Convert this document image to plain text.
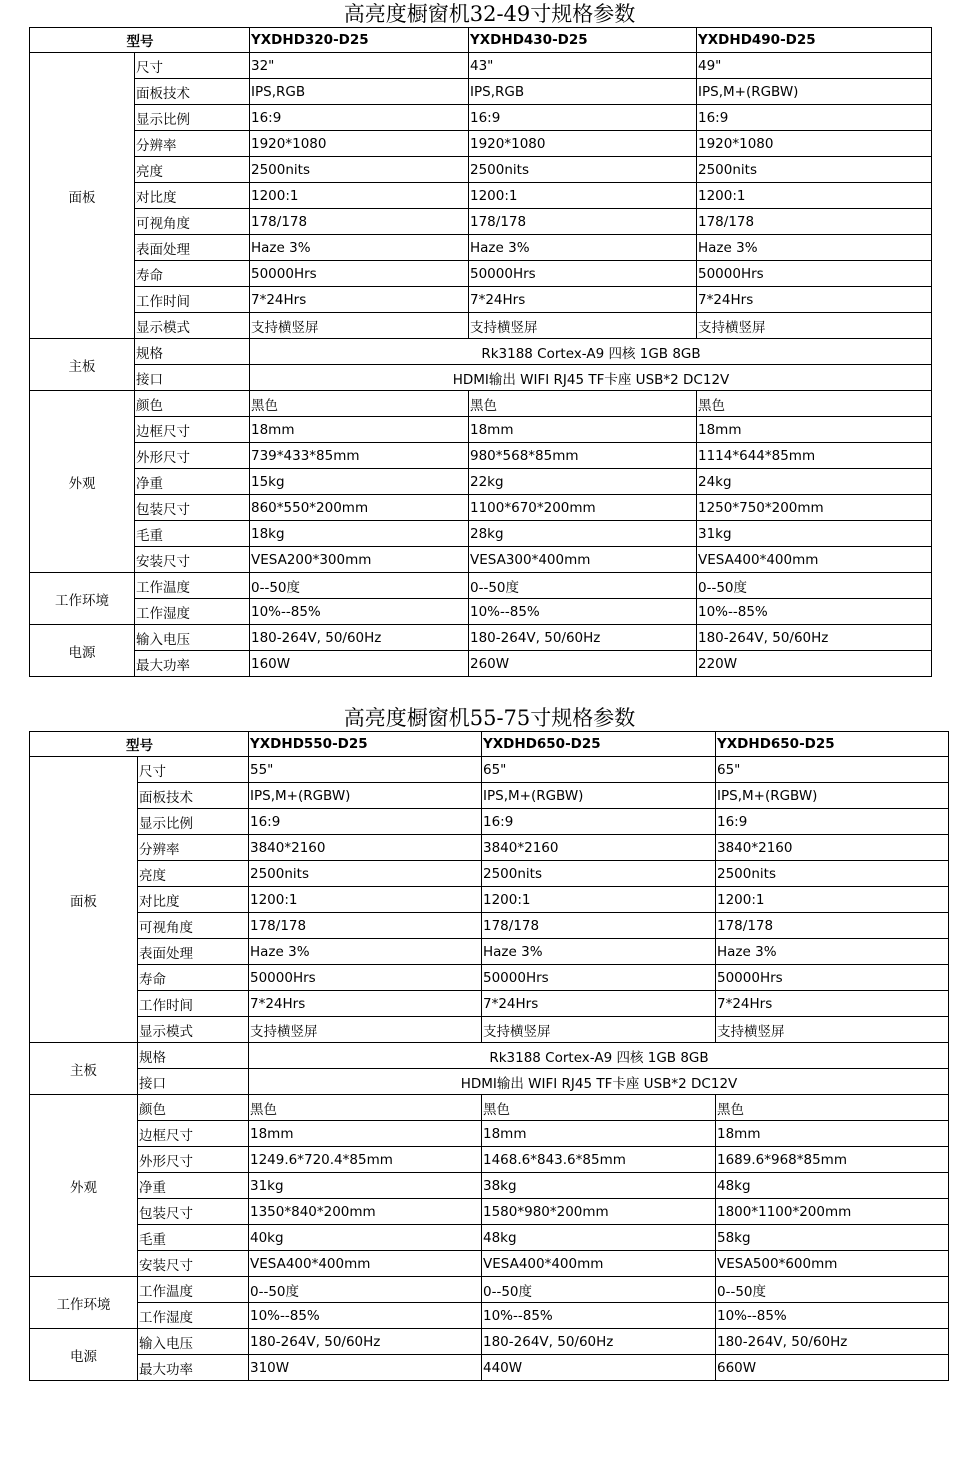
高亮度橱窗机32-49寸规格参数
型号		YXDHD320-D25	YXDHD430-D25	YXDHD490-D25
面板	尺寸	32"	43"	49"
	面板技术	IPS,RGB	IPS,RGB	IPS,M+(RGBW)
	显示比例	16:9	16:9	16:9
	分辨率	1920*1080	1920*1080	1920*1080
	亮度	2500nits	2500nits	2500nits
	对比度	1200:1	1200:1	1200:1
	可视角度	178/178	178/178	178/178
	表面处理	Haze 3%	Haze 3%	Haze 3%
	寿命	50000Hrs	50000Hrs	50000Hrs
	工作时间	7*24Hrs	7*24Hrs	7*24Hrs
	显示模式	支持横竖屏	支持横竖屏	支持横竖屏
主板	规格	Rk3188 Cortex-A9 四核 1GB 8GB		
	接口	HDMI输出 WIFI RJ45 TF卡座 USB*2 DC12V		
外观	颜色	黑色	黑色	黑色
	边框尺寸	18mm	18mm	18mm
	外形尺寸	739*433*85mm	980*568*85mm	1114*644*85mm
	净重	15kg	22kg	24kg
	包装尺寸	860*550*200mm	1100*670*200mm	1250*750*200mm
	毛重	18kg	28kg	31kg
	安装尺寸	VESA200*300mm	VESA300*400mm	VESA400*400mm
工作环境	工作温度	0--50度	0--50度	0--50度
	工作湿度	10%--85%	10%--85%	10%--85%
电源	输入电压	180-264V, 50/60Hz	180-264V, 50/60Hz	180-264V, 50/60Hz
	最大功率	160W	260W	220W
高亮度橱窗机55-75寸规格参数
型号		YXDHD550-D25	YXDHD650-D25	YXDHD650-D25
面板	尺寸	55"	65"	65"
	面板技术	IPS,M+(RGBW)	IPS,M+(RGBW)	IPS,M+(RGBW)
	显示比例	16:9	16:9	16:9
	分辨率	3840*2160	3840*2160	3840*2160
	亮度	2500nits	2500nits	2500nits
	对比度	1200:1	1200:1	1200:1
	可视角度	178/178	178/178	178/178
	表面处理	Haze 3%	Haze 3%	Haze 3%
	寿命	50000Hrs	50000Hrs	50000Hrs
	工作时间	7*24Hrs	7*24Hrs	7*24Hrs
	显示模式	支持横竖屏	支持横竖屏	支持横竖屏
主板	规格	Rk3188 Cortex-A9 四核 1GB 8GB		
	接口	HDMI输出 WIFI RJ45 TF卡座 USB*2 DC12V		
外观	颜色	黑色	黑色	黑色
	边框尺寸	18mm	18mm	18mm
	外形尺寸	1249.6*720.4*85mm	1468.6*843.6*85mm	1689.6*968*85mm
	净重	31kg	38kg	48kg
	包装尺寸	1350*840*200mm	1580*980*200mm	1800*1100*200mm
	毛重	40kg	48kg	58kg
	安装尺寸	VESA400*400mm	VESA400*400mm	VESA500*600mm
工作环境	工作温度	0--50度	0--50度	0--50度
	工作湿度	10%--85%	10%--85%	10%--85%
电源	输入电压	180-264V, 50/60Hz	180-264V, 50/60Hz	180-264V, 50/60Hz
	最大功率	310W	440W	660W
